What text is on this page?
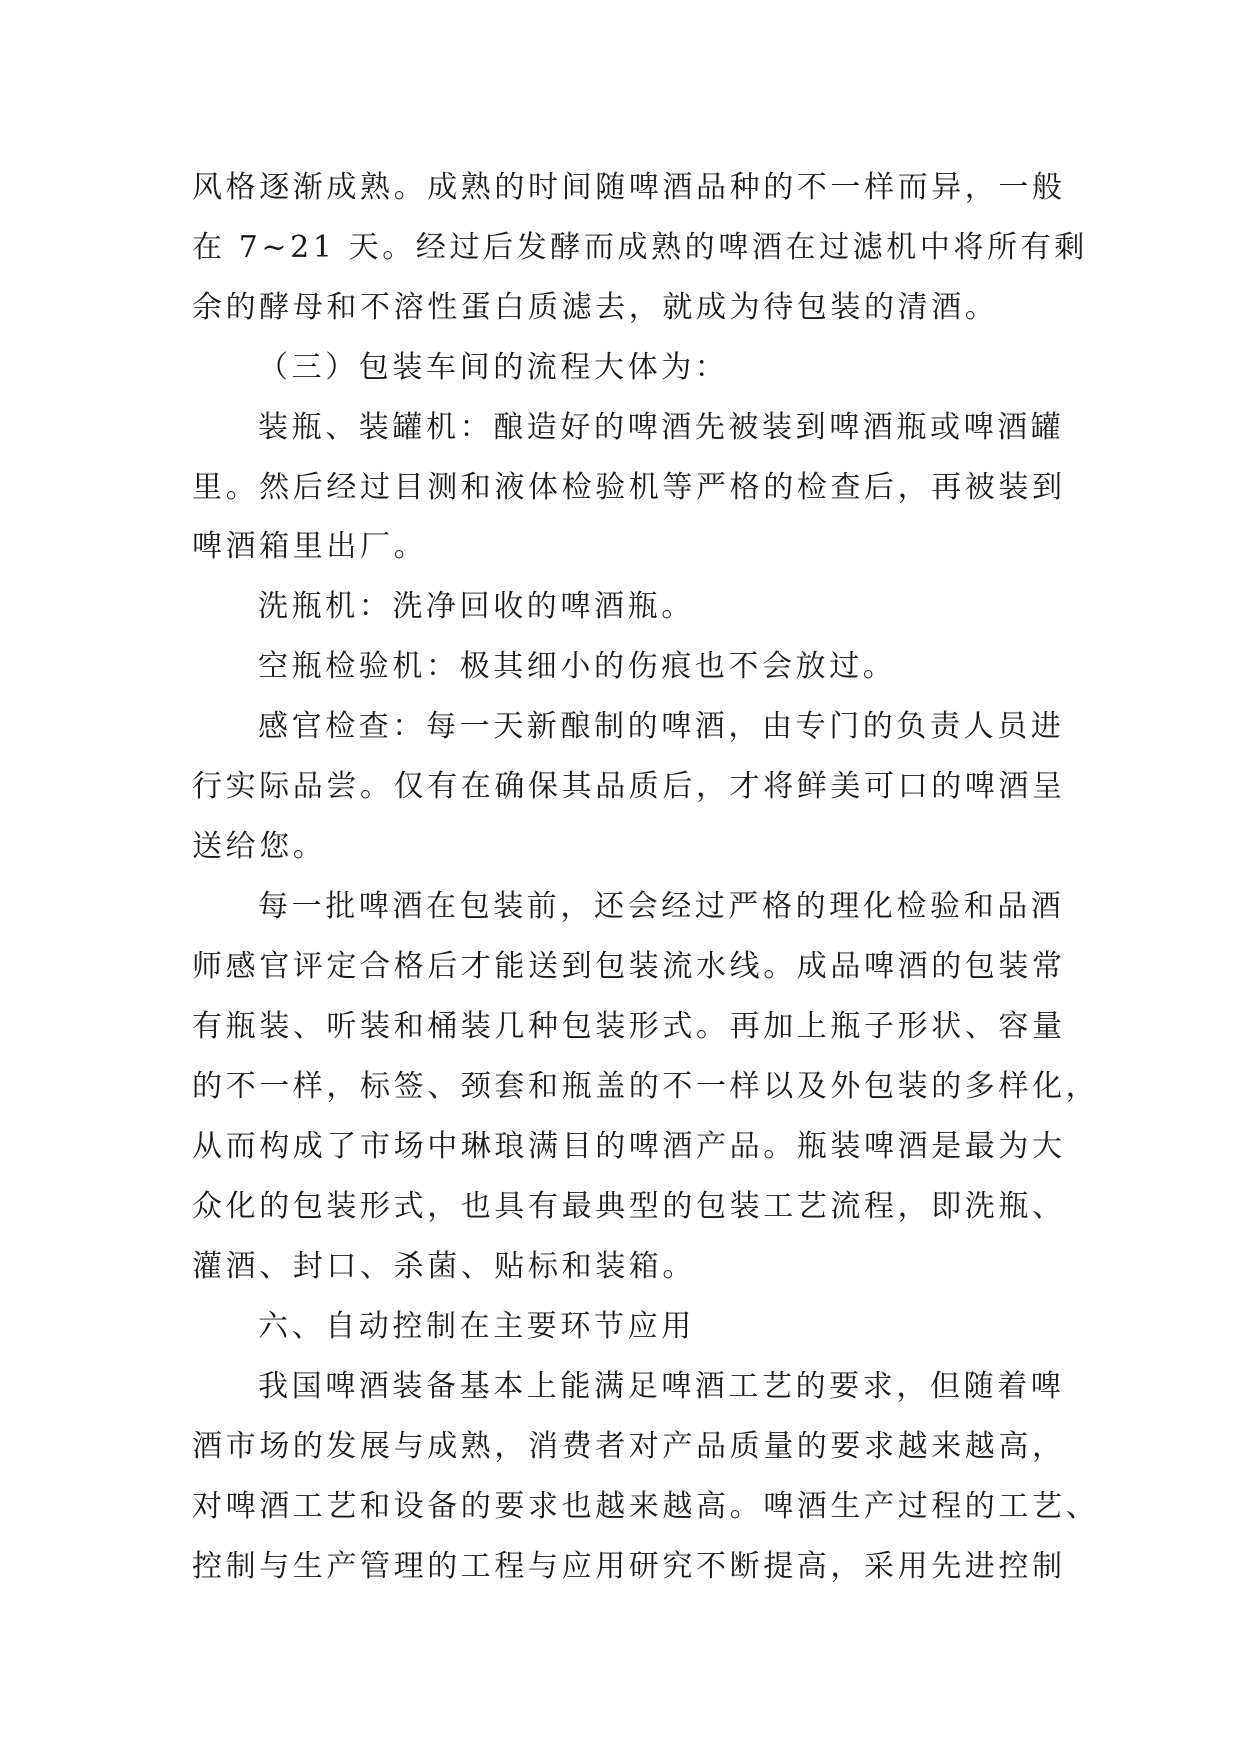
风格逐渐成熟。成熟的时间随啤酒品种的不一样而异，一般
在 7~21 天。经过后发酵而成熟的啤酒在过滤机中将所有剩
余的酵母和不溶性蛋白质滤去，就成为待包装的清酒。
（三）包装车间的流程大体为：
装瓶、装罐机：酿造好的啤酒先被装到啤酒瓶或啤酒罐
里。然后经过目测和液体检验机等严格的检查后，再被装到
啤酒箱里出厂。
洗瓶机：洗净回收的啤酒瓶。
空瓶检验机：极其细小的伤痕也不会放过。
感官检查：每一天新酿制的啤酒，由专门的负责人员进
行实际品尝。仅有在确保其品质后，才将鲜美可口的啤酒呈
送给您。
每一批啤酒在包装前，还会经过严格的理化检验和品酒
师感官评定合格后才能送到包装流水线。成品啤酒的包装常
有瓶装、听装和桶装几种包装形式。再加上瓶子形状、容量
的不一样，标签、颈套和瓶盖的不一样以及外包装的多样化，
从而构成了市场中琳琅满目的啤酒产品。瓶装啤酒是最为大
众化的包装形式，也具有最典型的包装工艺流程，即洗瓶、
灌酒、封口、杀菌、贴标和装箱。
六、自动控制在主要环节应用
我国啤酒装备基本上能满足啤酒工艺的要求，但随着啤
酒市场的发展与成熟，消费者对产品质量的要求越来越高，
对啤酒工艺和设备的要求也越来越高。啤酒生产过程的工艺、
控制与生产管理的工程与应用研究不断提高，采用先进控制
